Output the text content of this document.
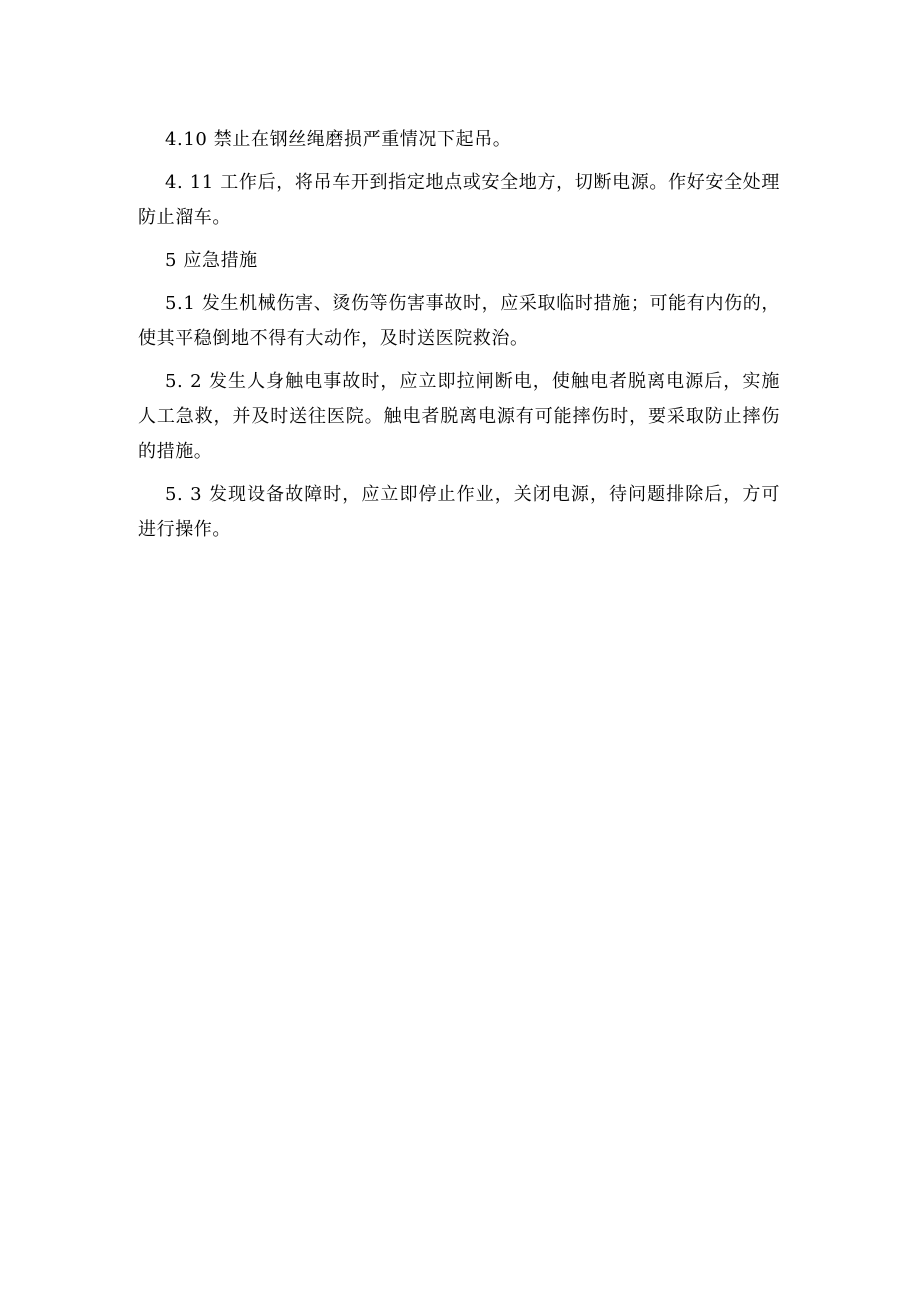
4.10 禁止在钢丝绳磨损严重情况下起吊。

4. 11 工作后，将吊车开到指定地点或安全地方，切断电源。作好安全处理防止溜车。

5 应急措施

5.1 发生机械伤害、烫伤等伤害事故时，应采取临时措施；可能有内伤的，使其平稳倒地不得有大动作，及时送医院救治。

5. 2 发生人身触电事故时，应立即拉闸断电，使触电者脱离电源后，实施人工急救，并及时送往医院。触电者脱离电源有可能摔伤时，要采取防止摔伤的措施。

5. 3 发现设备故障时，应立即停止作业，关闭电源，待问题排除后，方可进行操作。
